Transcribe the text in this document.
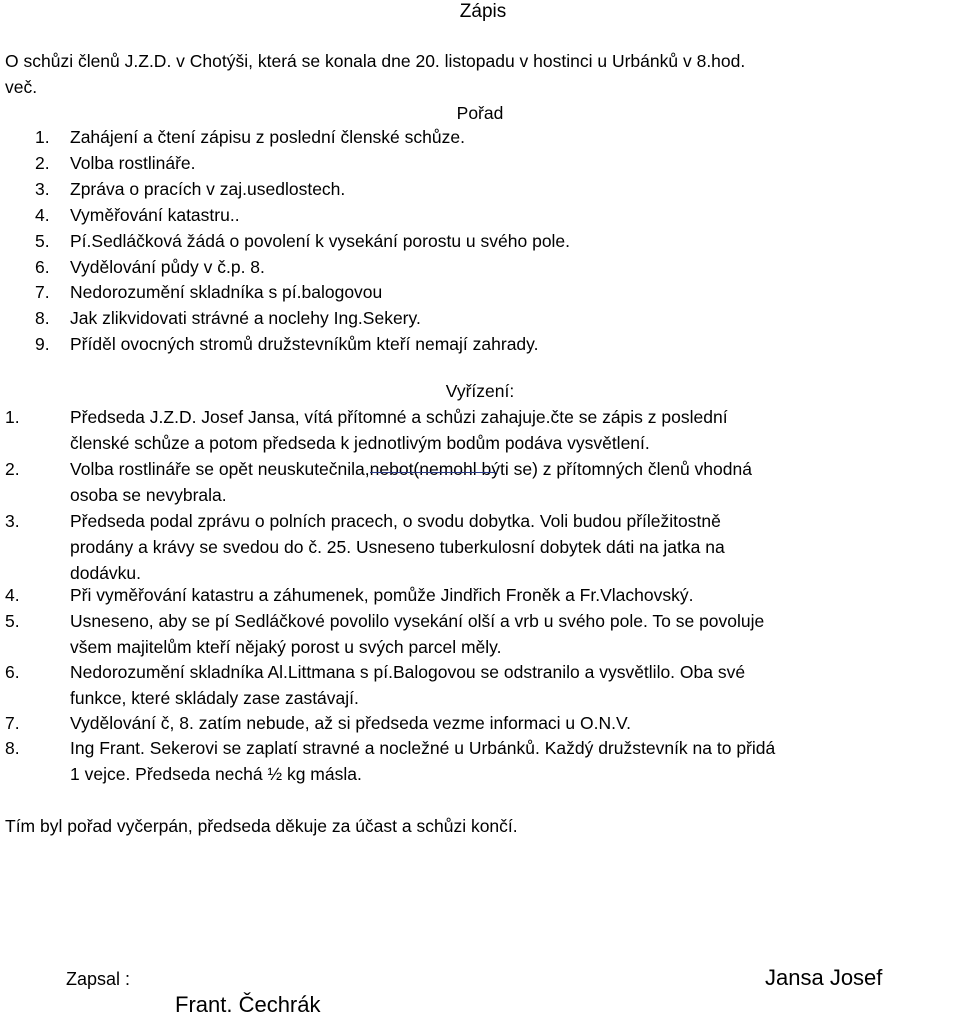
Zápis
O schůzi členů J.Z.D. v Chotýši, která se konala dne 20. listopadu v hostinci u Urbánků v 8.hod.
več.
Pořad
1. Zahájení a čtení zápisu z poslední členské schůze.
2. Volba rostlináře.
3. Zpráva o pracích v zaj.usedlostech.
4. Vyměřování katastru..
5. Pí.Sedláčková žádá o povolení k vysekání porostu u svého pole.
6. Vydělování půdy v č.p. 8.
7. Nedorozumění skladníka s pí.balogovou
8. Jak zlikvidovati strávné a noclehy Ing.Sekery.
9. Příděl ovocných stromů družstevníkům kteří nemají zahrady.
Vyřízení:
1.	Předseda J.Z.D. Josef Jansa, vítá přítomné a schůzi zahajuje.čte se zápis z poslední
členské schůze a potom předseda k jednotlivým bodům podáva vysvětlení.
2.	Volba rostlináře se opět neuskutečnila,nebot(nemohl b
ýti se) z přítomných členů vhodná
osoba se nevybrala.
3.	Předseda podal zprávu o polních pracech, o svodu dobytka. Voli budou příležitostně
prodány a krávy se svedou do č. 25. Usneseno tuberkulosní dobytek dáti na jatka na
dodávku.
4.	Při vyměřování katastru a záhumenek, pomůže Jindřich Froněk a Fr.Vlachovský.
5.	Usneseno, aby se pí Sedláčkové povolilo vysekání olší a vrb u svého pole. To se povoluje
všem majitelům kteří nějaký porost u svých parcel měly.
6.	Nedorozumění skladníka Al.Littmana s pí.Balogovou se odstranilo a vysvětlilo. Oba své
funkce, které skládaly zase zastávají.
7.	Vydělování č, 8. zatím nebude, až si předseda vezme informaci u O.N.V.
8.	Ing Frant. Sekerovi se zaplatí stravné a nocležné u Urbánků. Každý družstevník na to přidá
1 vejce. Předseda nechá ½ kg másla.
Tím byl pořad vyčerpán, předseda děkuje za účast a schůzi končí.
Zapsal :
Frant. Čechrák
Jansa Josef
